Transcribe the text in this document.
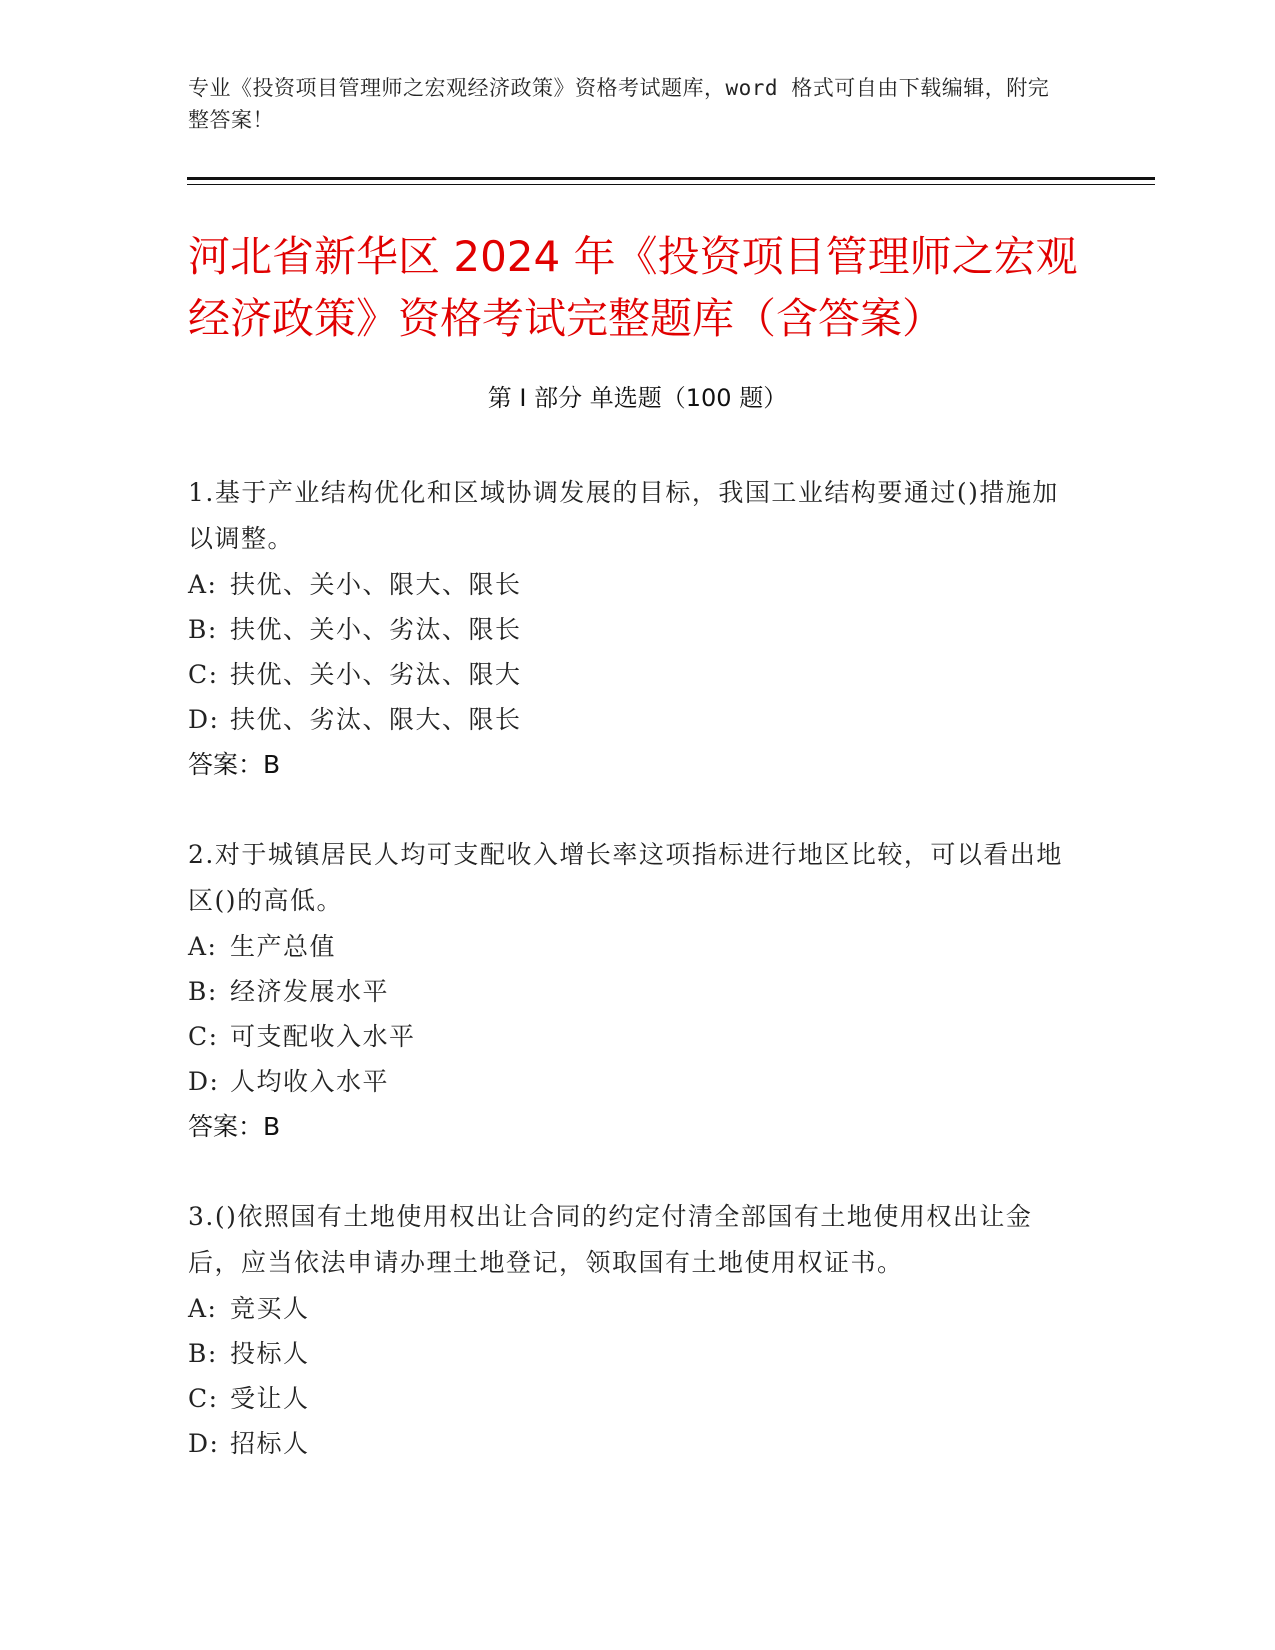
专业《投资项目管理师之宏观经济政策》资格考试题库，word 格式可自由下载编辑，附完整答案！
河北省新华区 2024 年《投资项目管理师之宏观经济政策》资格考试完整题库（含答案）
第 I 部分 单选题（100 题）
1.基于产业结构优化和区域协调发展的目标，我国工业结构要通过()措施加以调整。
A: 扶优、关小、限大、限长
B: 扶优、关小、劣汰、限长
C: 扶优、关小、劣汰、限大
D: 扶优、劣汰、限大、限长
答案：B
2.对于城镇居民人均可支配收入增长率这项指标进行地区比较，可以看出地区()的高低。
A: 生产总值
B: 经济发展水平
C: 可支配收入水平
D: 人均收入水平
答案：B
3.()依照国有土地使用权出让合同的约定付清全部国有土地使用权出让金后，应当依法申请办理土地登记，领取国有土地使用权证书。
A: 竞买人
B: 投标人
C: 受让人
D: 招标人
